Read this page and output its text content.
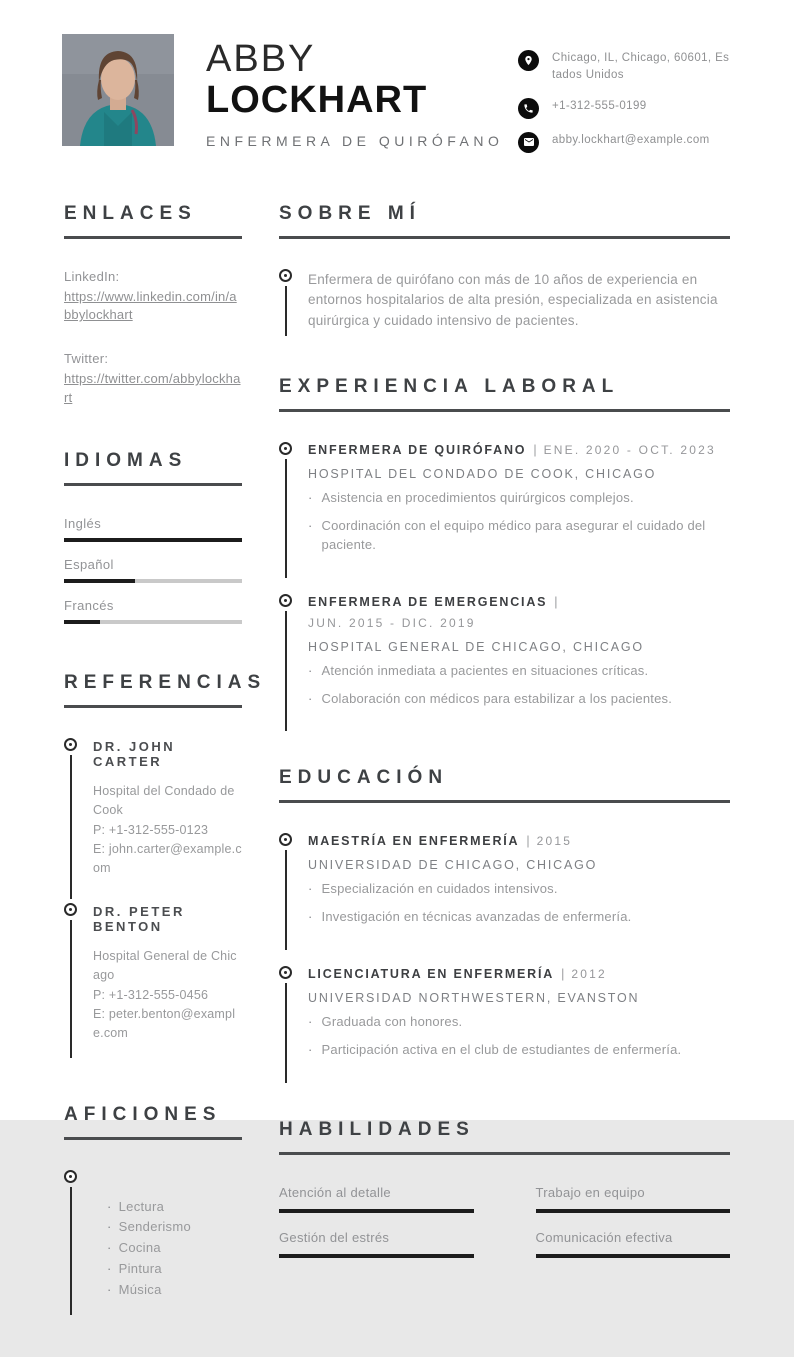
ABBY
LOCKHART
ENFERMERA DE QUIRÓFANO
Chicago, IL, Chicago, 60601, Estados Unidos
+1-312-555-0199
abby.lockhart@example.com
ENLACES
LinkedIn:
https://www.linkedin.com/in/abbylockhart
Twitter:
https://twitter.com/abbylockhart
IDIOMAS
Inglés
Español
Francés
REFERENCIAS
DR. JOHN CARTER
Hospital del Condado de Cook
P: +1-312-555-0123
E: john.carter@example.com
DR. PETER BENTON
Hospital General de Chicago
P: +1-312-555-0456
E: peter.benton@example.com
AFICIONES
· Lectura
· Senderismo
· Cocina
· Pintura
· Música
SOBRE MÍ
Enfermera de quirófano con más de 10 años de experiencia en entornos hospitalarios de alta presión, especializada en asistencia quirúrgica y cuidado intensivo de pacientes.
EXPERIENCIA LABORAL
ENFERMERA DE QUIRÓFANO | ENE. 2020 - OCT. 2023
HOSPITAL DEL CONDADO DE COOK, CHICAGO
· Asistencia en procedimientos quirúrgicos complejos.
· Coordinación con el equipo médico para asegurar el cuidado del paciente.
ENFERMERA DE EMERGENCIAS |
JUN. 2015 - DIC. 2019
HOSPITAL GENERAL DE CHICAGO, CHICAGO
· Atención inmediata a pacientes en situaciones críticas.
· Colaboración con médicos para estabilizar a los pacientes.
EDUCACIÓN
MAESTRÍA EN ENFERMERÍA | 2015
UNIVERSIDAD DE CHICAGO, CHICAGO
· Especialización en cuidados intensivos.
· Investigación en técnicas avanzadas de enfermería.
LICENCIATURA EN ENFERMERÍA | 2012
UNIVERSIDAD NORTHWESTERN, EVANSTON
· Graduada con honores.
· Participación activa en el club de estudiantes de enfermería.
HABILIDADES
Atención al detalle	Trabajo en equipo
Gestión del estrés	Comunicación efectiva
